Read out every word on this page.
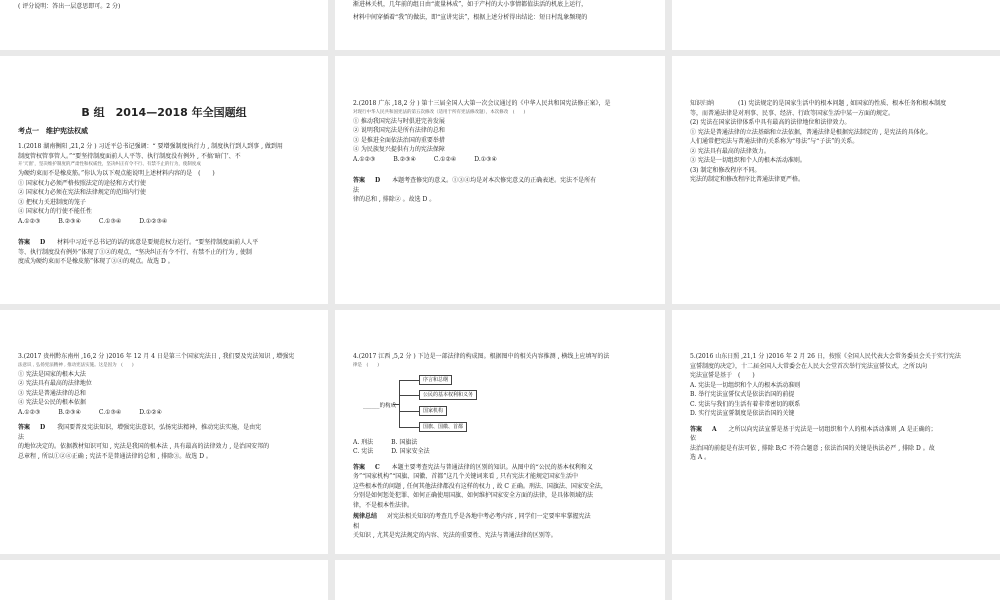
( 评分说明：答出一层意思即可。2 分)	渐进林关机，几年前的组日由“流量林成”，如于产村的大小事情都值法活的机底上运行，
材料中间穿插着“我”的做法，即“宣讲宪法”，根据上述分析得出结论：短日村乱象频现的
B 组　2014—2018 年全国题组
考点一　维护宪法权威
1.(2018 湖南衡阳 ,21,2 分 ) 习近平总书记强调：“ 要增强制度执行力 , 制度执行到人到事 , 做到用
制度管权管事管人。”“要坚持制度面前人人平等、执行制度没有例外 , 不搞‘暗门’、不
开‘天窗’，坚决维护制度的严肃性和权威性，坚决纠正有令不行、有禁不止的行为，使制度成
为硬约束而不是橡皮筋。”你认为以下观点能说明上述材料内容的是　(　　)
① 国家权力必须严格按照法定的途径和方式行使
② 国家权力必须在宪法和法律规定的范围内行使
③ 把权力关进制度的笼子
④ 国家权力的行使不能任性
A.①②③　　　B.②③④　　　C.①③④　　　D.①②③④
答案 D 材料中习近平总书记的话的寓意是要规范权力运行。“要坚持制度面前人人平
等、执行制度没有例外”体现了①②的观点，“坚决纠正有令不行、有禁不止的行为 , 使制
度成为硬约束而不是橡皮筋”体现了③④的观点。故选 D 。
2.(2018 广东 ,18,2 分 ) 第十三届全国人大第一次会议通过的《中华人民共和国宪法修正案》，是
对现行中华人民共和国宪法的第五次修改（适用于所有宪法修改题），本次修改　(　　)
① 推动我国宪法与时俱进完善发展
② 说明我国宪法是所有法律的总和
③ 是推进全面依法治国的重要举措
④ 为民族复兴提供有力的宪法保障
A.①②③　　　B.②③④　　　C.①②④　　　D.①③④
答案 D 本题考查修宪的意义。①③④均是对本次修宪意义的正确表述。宪法不是所有
法
律的总和 , 排除② 。故选 D 。
知识归纳　　　　(1) 宪法规定的是国家生活中的根本问题 , 如国家的性质、根本任务和根本制度
等，而普通法律是对刑事、民事、经济、行政等国家生活中某一方面的规定。
(2) 宪法在国家法律体系中具有最高的法律地位和法律效力。
① 宪法是普通法律的立法基础和立法依据，普通法律是根据宪法制定的 , 是宪法的具体化。
人们通常把宪法与普通法律的关系称为“母法”与“子法”的关系。
② 宪法具有最高的法律效力。
③ 宪法是一切组织和个人的根本活动准则。
(3) 制定和修改程序不同。
宪法的制定和修改程序比普通法律更严格。
3.(2017 贵州黔东南州 ,16,2 分 )2016 年 12 月 4 日是第三个国家宪法日 , 我们要及宪法知识 , 增强宪
法意识 , 弘扬宪法精神 , 推动宪法实施。这是因为　(　　)
① 宪法是国家的根本大法
② 宪法具有最高的法律地位
③ 宪法是普通法律的总和
④ 宪法是公民的根本依据
A.①②③　　　B.②③④　　　C.①③④　　　D.①②④
答案 D 我国要普及宪法知识，增强宪法意识，弘扬宪法精神，推动宪法实施，是由宪
法
的地位决定的。依据教材知识可知 , 宪法是我国的根本法 , 具有最高的法律效力 , 是治国安邦的
总章程 , 所以①②④正确 ; 宪法不是普通法律的总和 , 排除③。故选 D 。
4.(2017 江西 ,5,2 分 ) 下边是一部法律的构成图。根据图中的相关内容推测 , 横线上应填写的法
律是　(　　)
______的构成
序言和总纲
公民的基本权利和义务
国家机构
国旗、国徽、首都
A. 刑法　　　B. 国旗法
C. 宪法　　　D. 国家安全法
答案 C 本题主要考查宪法与普通法律的区别的知识。从图中的“公民的基本权利和义
务”“国家机构”“国旗、国徽、首都”这几个关键词来看 , 只有宪法才能规定国家生活中
这些根本性的问题 , 任何其他法律都没有这样的权力 , 故 C 正确。刑法、国旗法、国家安全法，
分别是如何惩处犯罪、如何正确使用国旗、如何维护国家安全方面的法律，是具体领域的法
律，不是根本性法律。
规律总结 对宪法相关知识的考查几乎是各地中考必考内容 , 同学们一定要牢牢掌握宪法
相
关知识 , 尤其是宪法规定的内容、宪法的重要性、宪法与普通法律的区别等。
5.(2016 山东日照 ,21,1 分 )2016 年 2 月 26 日，按照《全国人民代表大会常务委员会关于实行宪法
宣誓制度的决定》，十二届全国人大常委会在人民大会堂首次举行宪法宣誓仪式，之所以向
宪法宣誓是基于　(　　)
A. 宪法是一切组织和个人的根本活动准则
B. 举行宪法宣誓仪式是依法治国的前提
C. 宪法与我们的生活有着非常密切的联系
D. 实行宪法宣誓制度是依法治国的关键
答案 A 之所以向宪法宣誓是基于宪法是一切组织和个人的根本活动准则 ,A 是正确的；
依
法治国的前提是有法可依 , 排除 B;C 不符合题意 ; 依法治国的关键是执法必严 , 排除 D 。故
选 A 。
